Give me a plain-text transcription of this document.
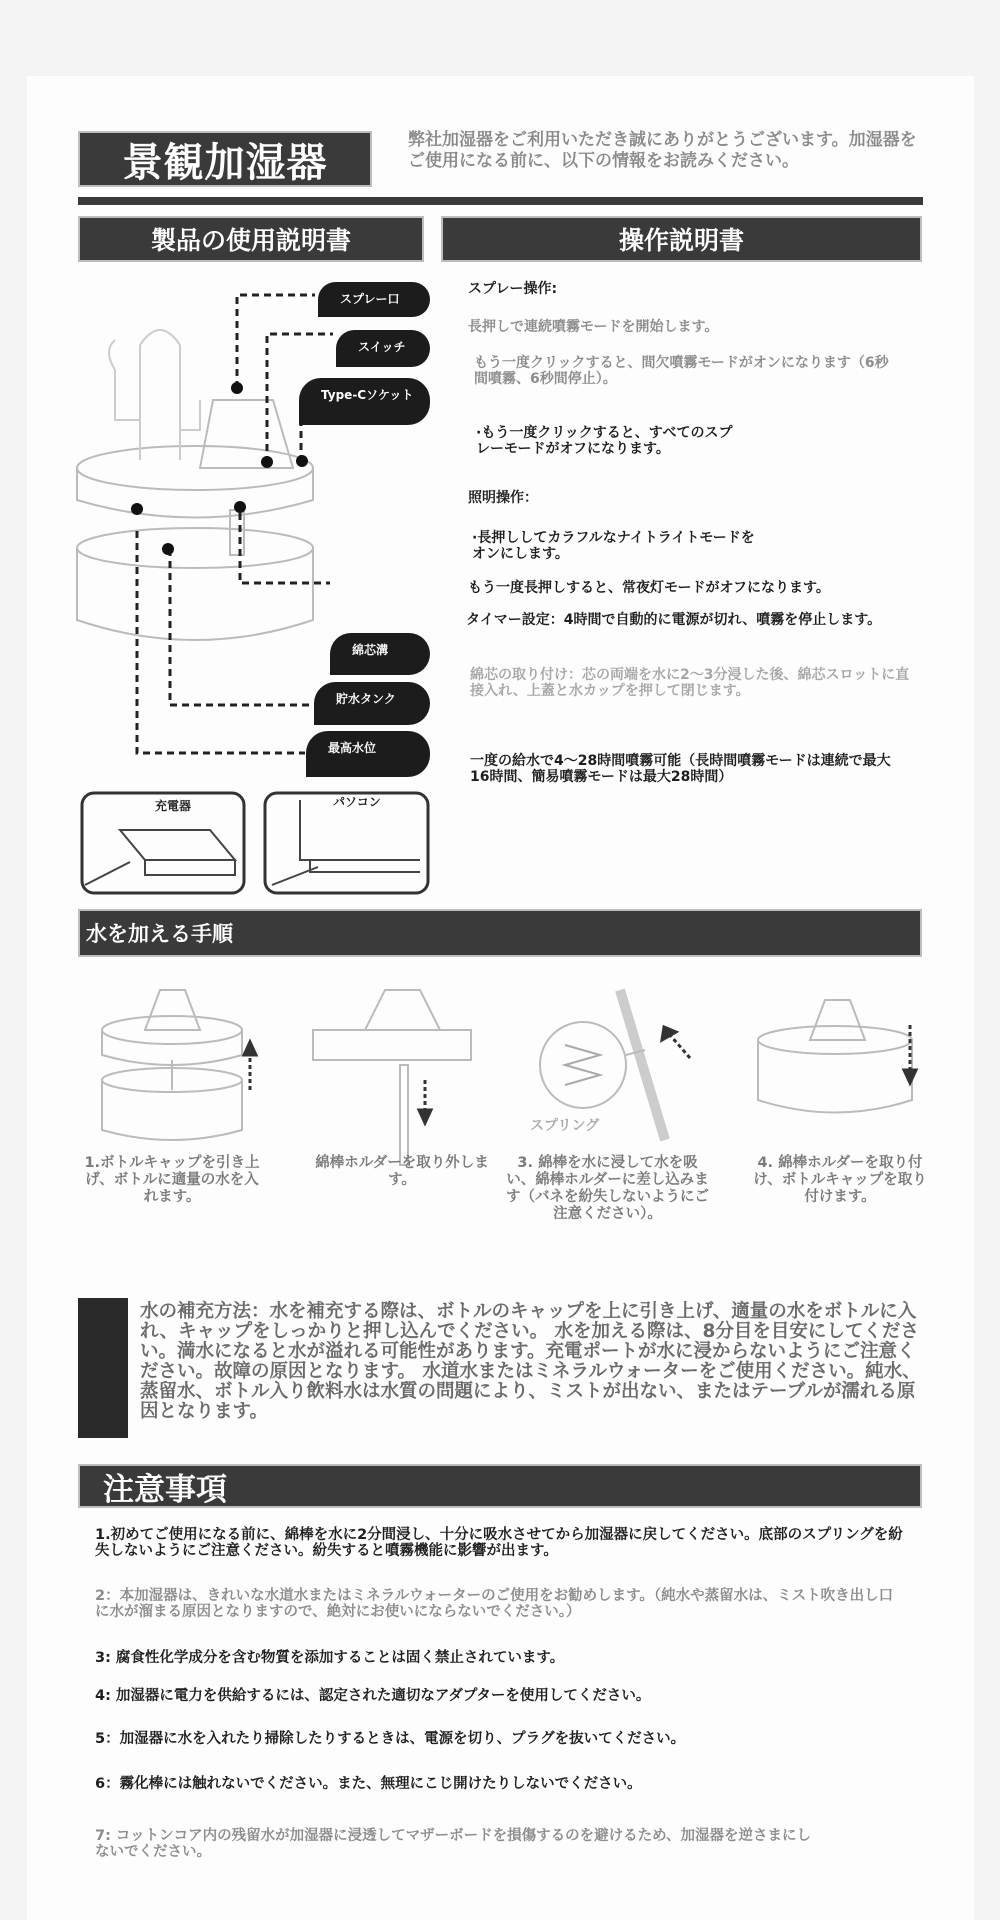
景観加湿器	弊社加湿器をご利用いただき誠にありがとうございます。加湿器をご使用になる前に、以下の情報をお読みください。
製品の使用説明書	操作説明書
スプレー口
スイッチ
Type-Cソケット
綿芯溝
貯水タンク
最高水位
充電器	パソコン
スプレー操作:
長押しで連続噴霧モードを開始します。
もう一度クリックすると、間欠噴霧モードがオンになります（6秒間噴霧、6秒間停止）。
·もう一度クリックすると、すべてのスプレーモードがオフになります。
照明操作：
·長押ししてカラフルなナイトライトモードをオンにします。
もう一度長押しすると、常夜灯モードがオフになります。
タイマー設定：4時間で自動的に電源が切れ、噴霧を停止します。
綿芯の取り付け：芯の両端を水に2～3分浸した後、綿芯スロットに直接入れ、上蓋と水カップを押して閉じます。
一度の給水で4～28時間噴霧可能（長時間噴霧モードは連続で最大16時間、簡易噴霧モードは最大28時間）
水を加える手順
スプリング
1.ボトルキャップを引き上げ、ボトルに適量の水を入れます。
綿棒ホルダーを取り外します。
3. 綿棒を水に浸して水を吸い、綿棒ホルダーに差し込みます（バネを紛失しないようにご注意ください）。
4. 綿棒ホルダーを取り付け、ボトルキャップを取り付けます。
水の補充方法：水を補充する際は、ボトルのキャップを上に引き上げ、適量の水をボトルに入れ、キャップをしっかりと押し込んでください。 水を加える際は、8分目を目安にしてください。満水になると水が溢れる可能性があります。充電ポートが水に浸からないようにご注意ください。故障の原因となります。 水道水またはミネラルウォーターをご使用ください。純水、蒸留水、ボトル入り飲料水は水質の問題により、ミストが出ない、またはテーブルが濡れる原因となります。
注意事項
1.初めてご使用になる前に、綿棒を水に2分間浸し、十分に吸水させてから加湿器に戻してください。底部のスプリングを紛失しないようにご注意ください。紛失すると噴霧機能に影響が出ます。
2：本加湿器は、きれいな水道水またはミネラルウォーターのご使用をお勧めします。（純水や蒸留水は、ミスト吹き出し口に水が溜まる原因となりますので、絶対にお使いにならないでください。）
3: 腐食性化学成分を含む物質を添加することは固く禁止されています。
4: 加湿器に電力を供給するには、認定された適切なアダプターを使用してください。
5：加湿器に水を入れたり掃除したりするときは、電源を切り、プラグを抜いてください。
6：霧化棒には触れないでください。また、無理にこじ開けたりしないでください。
7: コットンコア内の残留水が加湿器に浸透してマザーボードを損傷するのを避けるため、加湿器を逆さまにしないでください。
